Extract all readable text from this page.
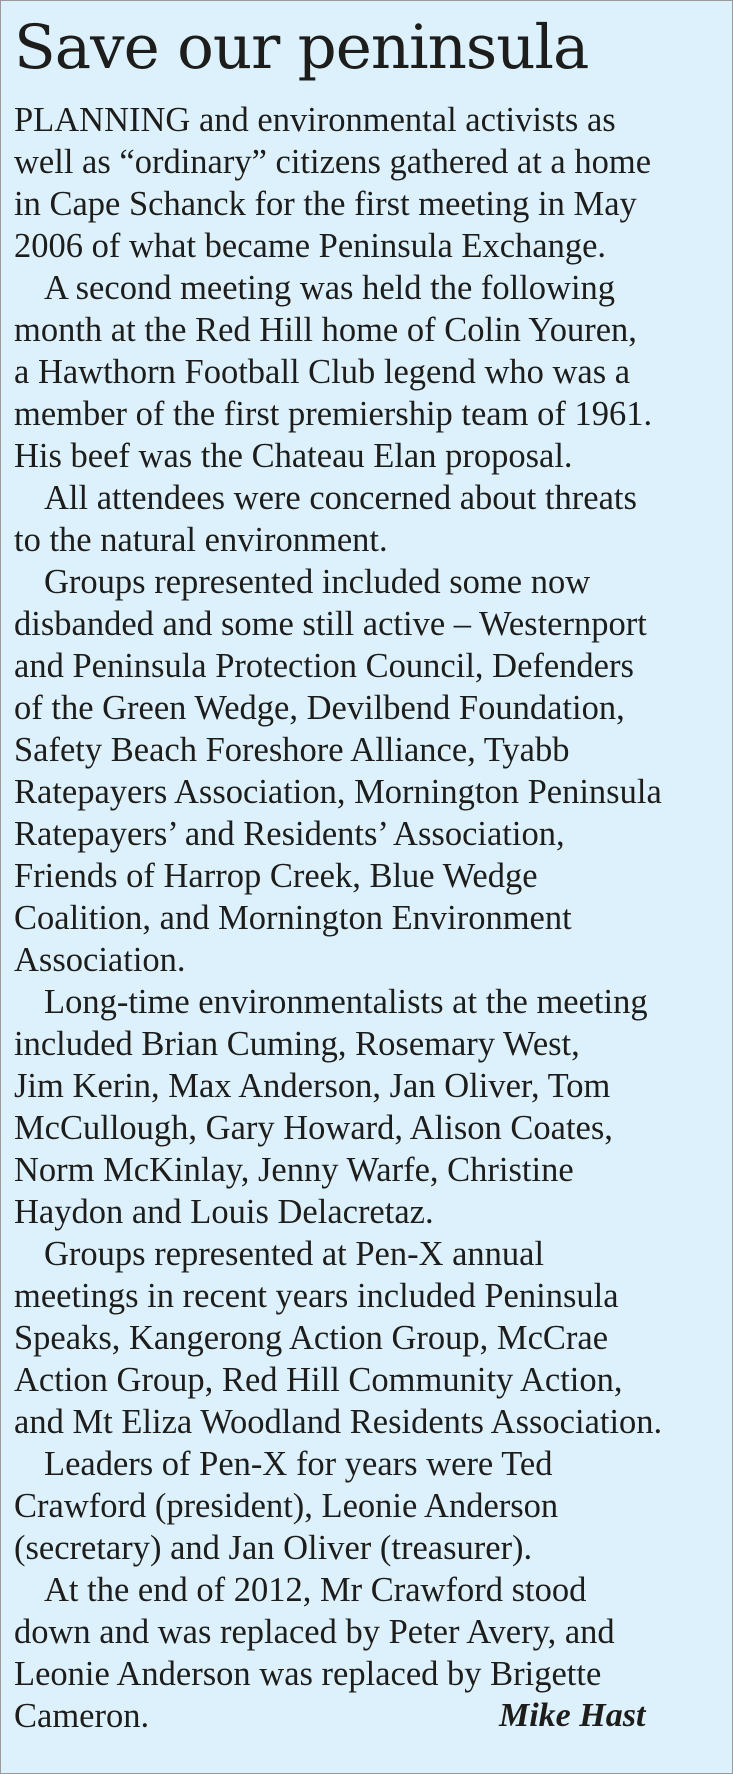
Save our peninsula
PLANNING and environmental activists as
well as “ordinary” citizens gathered at a home
in Cape Schanck for the first meeting in May
2006 of what became Peninsula Exchange.
A second meeting was held the following
month at the Red Hill home of Colin Youren,
a Hawthorn Football Club legend who was a
member of the first premiership team of 1961.
His beef was the Chateau Elan proposal.
All attendees were concerned about threats
to the natural environment.
Groups represented included some now
disbanded and some still active – Westernport
and Peninsula Protection Council, Defenders
of the Green Wedge, Devilbend Foundation,
Safety Beach Foreshore Alliance, Tyabb
Ratepayers Association, Mornington Peninsula
Ratepayers’ and Residents’ Association,
Friends of Harrop Creek, Blue Wedge
Coalition, and Mornington Environment
Association.
Long-time environmentalists at the meeting
included Brian Cuming, Rosemary West,
Jim Kerin, Max Anderson, Jan Oliver, Tom
McCullough, Gary Howard, Alison Coates,
Norm McKinlay, Jenny Warfe, Christine
Haydon and Louis Delacretaz.
Groups represented at Pen-X annual
meetings in recent years included Peninsula
Speaks, Kangerong Action Group, McCrae
Action Group, Red Hill Community Action,
and Mt Eliza Woodland Residents Association.
Leaders of Pen-X for years were Ted
Crawford (president), Leonie Anderson
(secretary) and Jan Oliver (treasurer).
At the end of 2012, Mr Crawford stood
down and was replaced by Peter Avery, and
Leonie Anderson was replaced by Brigette
Cameron.	Mike Hast
